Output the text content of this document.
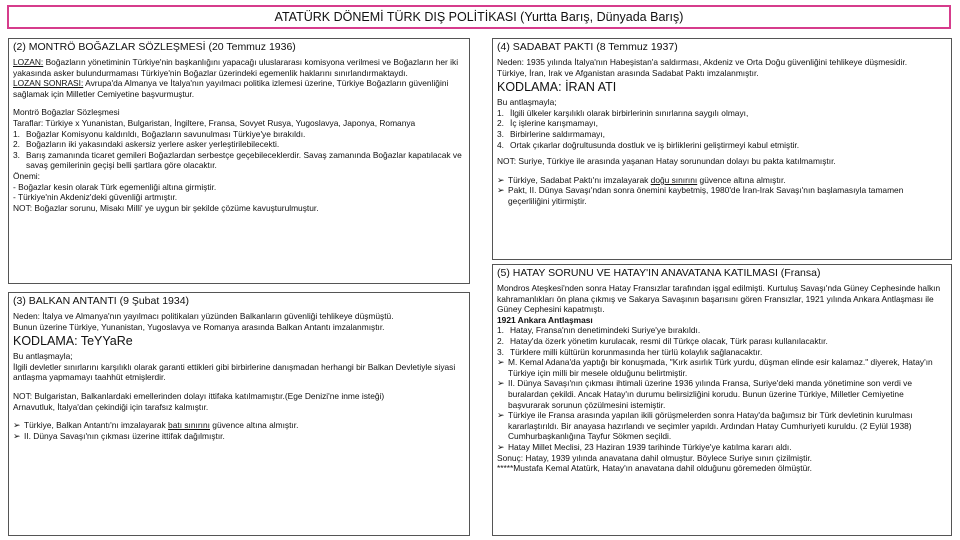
ATATÜRK DÖNEMİ TÜRK DIŞ POLİTİKASI (Yurtta Barış, Dünyada Barış)
(2) MONTRÖ BOĞAZLAR SÖZLEŞMESİ (20 Temmuz 1936)

LOZAN: Boğazların yönetiminin Türkiye'nin başkanlığını yapacağı uluslararası komisyona verilmesi ve Boğazların her iki yakasında asker bulundurmaması Türkiye'nin Boğazlar üzerindeki egemenlik haklarını sınırlandırmaktaydı.

LOZAN SONRASI: Avrupa'da Almanya ve İtalya'nın yayılmacı politika izlemesi üzerine, Türkiye Boğazların güvenliğini sağlamak için Milletler Cemiyetine başvurmuştur.

Montrö Boğazlar Sözleşmesi

Taraflar: Türkiye x Yunanistan, Bulgaristan, İngiltere, Fransa, Sovyet Rusya, Yugoslavya, Japonya, Romanya

1. Boğazlar Komisyonu kaldırıldı, Boğazların savunulması Türkiye'ye bırakıldı.
2. Boğazların iki yakasındaki askersiz yerlere asker yerleştirilebilecekti.
3. Barış zamanında ticaret gemileri Boğazlardan serbestçe geçebileceklerdir. Savaş zamanında Boğazlar kapatılacak ve savaş gemilerinin geçişi belli şartlara göre olacaktır.

Önemi:

- Boğazlar kesin olarak Türk egemenliği altına girmiştir.

- Türkiye'nin Akdeniz'deki güvenliği artmıştır.

NOT: Boğazlar sorunu, Misakı Milli' ye uygun bir şekilde çözüme kavuşturulmuştur.

(3) BALKAN ANTANTI (9 Şubat 1934)

Neden: İtalya ve Almanya'nın yayılmacı politikaları yüzünden Balkanların güvenliği tehlikeye düşmüştü.

Bunun üzerine Türkiye, Yunanistan, Yugoslavya ve Romanya arasında Balkan Antantı imzalanmıştır.

KODLAMA: TeYYaRe

Bu antlaşmayla;

İlgili devletler sınırlarını karşılıklı olarak garanti ettikleri gibi birbirlerine danışmadan herhangi bir Balkan Devletiyle siyasi antlaşma yapmamayı taahhüt etmişlerdir.

NOT: Bulgaristan, Balkanlardaki emellerinden dolayı ittifaka katılmamıştır.(Ege Denizi'ne inme isteği)

Arnavutluk, İtalya'dan çekindiği için tarafsız kalmıştır.

➢ Türkiye, Balkan Antantı'nı imzalayarak batı sınırını güvence altına almıştır.
➢ II. Dünya Savaşı'nın çıkması üzerine ittifak dağılmıştır.
(4) SADABAT PAKTI (8 Temmuz 1937)

Neden: 1935 yılında İtalya'nın Habeşistan'a saldırması, Akdeniz ve Orta Doğu güvenliğini tehlikeye düşmesidir.

Türkiye, İran, Irak ve Afganistan arasında Sadabat Paktı imzalanmıştır.

KODLAMA: İRAN ATI

Bu antlaşmayla;

1. İlgili ülkeler karşılıklı olarak birbirlerinin sınırlarına saygılı olmayı,
2. İç işlerine karışmamayı,
3. Birbirlerine saldırmamayı,
4. Ortak çıkarlar doğrultusunda dostluk ve iş birliklerini geliştirmeyi kabul etmiştir.

NOT: Suriye, Türkiye ile arasında yaşanan Hatay sorunundan dolayı bu pakta katılmamıştır.

➢ Türkiye, Sadabat Paktı'nı imzalayarak doğu sınırını güvence altına almıştır.
➢ Pakt, II. Dünya Savaşı'ndan sonra önemini kaybetmiş, 1980'de İran-Irak Savaşı'nın başlamasıyla tamamen geçerliliğini yitirmiştir.
(5) HATAY SORUNU VE HATAY'IN ANAVATANA KATILMASI (Fransa)

Mondros Ateşkesi'nden sonra Hatay Fransızlar tarafından işgal edilmişti. Kurtuluş Savaşı'nda Güney Cephesinde halkın kahramanlıkları ön plana çıkmış ve Sakarya Savaşının başarısını gören Fransızlar, 1921 yılında Ankara Antlaşması ile Güney Cephesini kapatmıştı.

1921 Ankara Antlaşması

1. Hatay, Fransa'nın denetimindeki Suriye'ye bırakıldı.
2. Hatay'da özerk yönetim kurulacak, resmi dil Türkçe olacak, Türk parası kullanılacaktır.
3. Türklere milli kültürün korunmasında her türlü kolaylık sağlanacaktır.
➢ M. Kemal Adana'da yaptığı bir konuşmada, "Kırk asırlık Türk yurdu, düşman elinde esir kalamaz." diyerek, Hatay'ın Türkiye için milli bir mesele olduğunu belirtmiştir.
➢ II. Dünya Savaşı'nın çıkması ihtimali üzerine 1936 yılında Fransa, Suriye'deki manda yönetimine son verdi ve buralardan çekildi. Ancak Hatay'ın durumu belirsizliğini korudu. Bunun üzerine Türkiye, Milletler Cemiyetine başvurarak sorunun çözülmesini istemiştir.
➢ Türkiye ile Fransa arasında yapılan ikili görüşmelerden sonra Hatay'da bağımsız bir Türk devletinin kurulması kararlaştırıldı. Bir anayasa hazırlandı ve seçimler yapıldı. Ardından Hatay Cumhuriyeti kuruldu. (2 Eylül 1938) Cumhurbaşkanlığına Tayfur Sökmen seçildi.
➢ Hatay Millet Meclisi, 23 Haziran 1939 tarihinde Türkiye'ye katılma kararı aldı.

Sonuç: Hatay, 1939 yılında anavatana dahil olmuştur. Böylece Suriye sınırı çizilmiştir.

*****Mustafa Kemal Atatürk, Hatay'ın anavatana dahil olduğunu göremeden ölmüştür.
